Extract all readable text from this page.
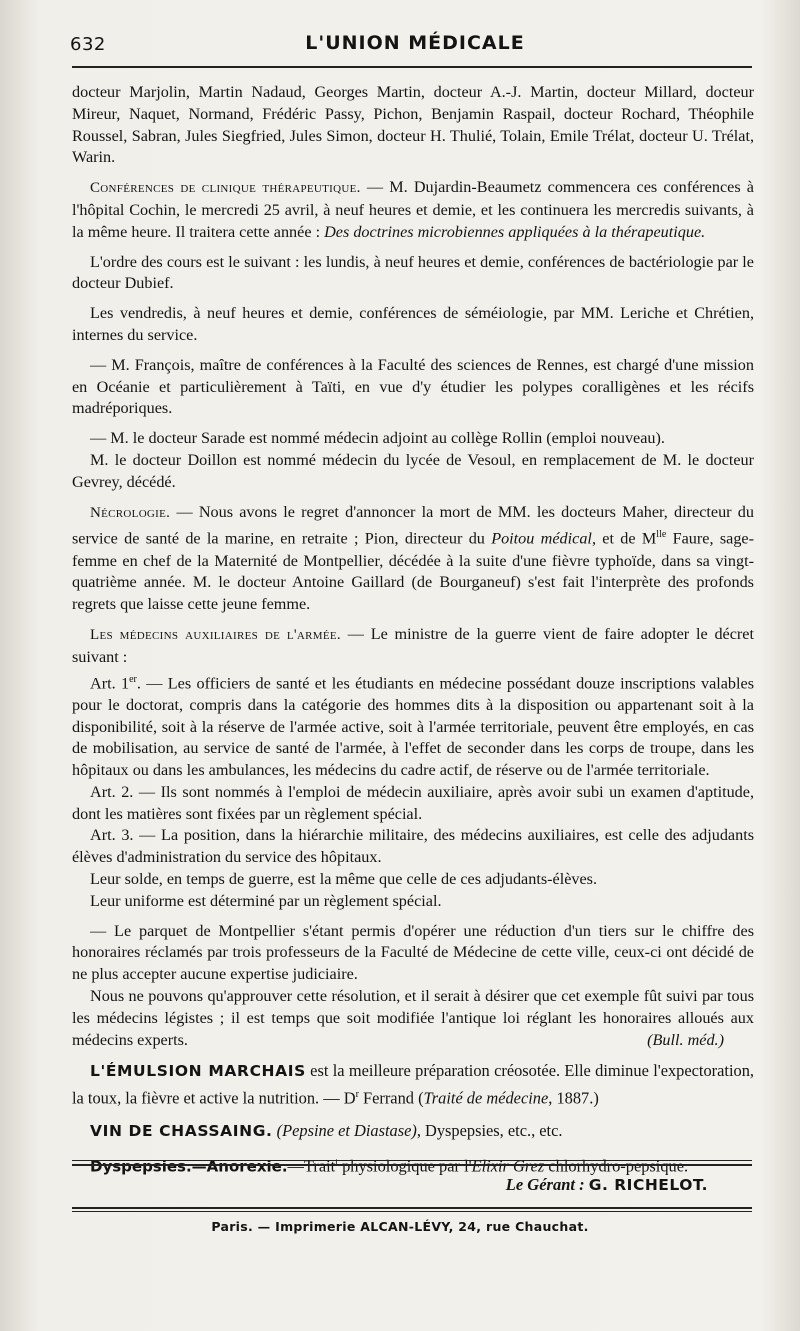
632	L'UNION MÉDICALE

docteur Marjolin, Martin Nadaud, Georges Martin, docteur A.-J. Martin, docteur Millard, docteur Mireur, Naquet, Normand, Frédéric Passy, Pichon, Benjamin Raspail, docteur Rochard, Théophile Roussel, Sabran, Jules Siegfried, Jules Simon, docteur H. Thulié, Tolain, Emile Trélat, docteur U. Trélat, Warin.

Conférences de clinique thérapeutique. — M. Dujardin-Beaumetz commencera ces conférences à l'hôpital Cochin, le mercredi 25 avril, à neuf heures et demie, et les continuera les mercredis suivants, à la même heure. Il traitera cette année : Des doctrines microbiennes appliquées à la thérapeutique.

L'ordre des cours est le suivant : les lundis, à neuf heures et demie, conférences de bactériologie par le docteur Dubief.

Les vendredis, à neuf heures et demie, conférences de séméiologie, par MM. Leriche et Chrétien, internes du service.

— M. François, maître de conférences à la Faculté des sciences de Rennes, est chargé d'une mission en Océanie et particulièrement à Taïti, en vue d'y étudier les polypes coralligènes et les récifs madréporiques.

— M. le docteur Sarade est nommé médecin adjoint au collège Rollin (emploi nouveau).

M. le docteur Doillon est nommé médecin du lycée de Vesoul, en remplacement de M. le docteur Gevrey, décédé.

Nécrologie. — Nous avons le regret d'annoncer la mort de MM. les docteurs Maher, directeur du service de santé de la marine, en retraite ; Pion, directeur du Poitou médical, et de $M^{lle}$ Faure, sage-femme en chef de la Maternité de Montpellier, décédée à la suite d'une fièvre typhoïde, dans sa vingt-quatrième année. M. le docteur Antoine Gaillard (de Bourganeuf) s'est fait l'interprète des profonds regrets que laisse cette jeune femme.

Les médecins auxiliaires de l'armée. — Le ministre de la guerre vient de faire adopter le décret suivant :

Art. 1er. — Les officiers de santé et les étudiants en médecine possédant douze inscriptions valables pour le doctorat, compris dans la catégorie des hommes dits à la disposition ou appartenant soit à la disponibilité, soit à la réserve de l'armée active, soit à l'armée territoriale, peuvent être employés, en cas de mobilisation, au service de santé de l'armée, à l'effet de seconder dans les corps de troupe, dans les hôpitaux ou dans les ambulances, les médecins du cadre actif, de réserve ou de l'armée territoriale.

Art. 2. — Ils sont nommés à l'emploi de médecin auxiliaire, après avoir subi un examen d'aptitude, dont les matières sont fixées par un règlement spécial.

Art. 3. — La position, dans la hiérarchie militaire, des médecins auxiliaires, est celle des adjudants élèves d'administration du service des hôpitaux.

Leur solde, en temps de guerre, est la même que celle de ces adjudants-élèves.

Leur uniforme est déterminé par un règlement spécial.

— Le parquet de Montpellier s'étant permis d'opérer une réduction d'un tiers sur le chiffre des honoraires réclamés par trois professeurs de la Faculté de Médecine de cette ville, ceux-ci ont décidé de ne plus accepter aucune expertise judiciaire.

Nous ne pouvons qu'approuver cette résolution, et il serait à désirer que cet exemple fût suivi par tous les médecins légistes ; il est temps que soit modifiée l'antique loi réglant les honoraires alloués aux médecins experts.	(Bull. méd.)

L'ÉMULSION MARCHAIS est la meilleure préparation créosotée. Elle diminue l'expectoration, la toux, la fièvre et active la nutrition. — $D^r$ Ferrand (Traité de médecine, 1887.)

VIN DE CHASSAING. (Pepsine et Diastase), Dyspepsies, etc., etc.

Dyspepsies.—Anorexie.—Trait$^t$ physiologique par l'Elixir Grez chlorhydro-pepsique.

Le Gérant : G. RICHELOT.
Paris. — Imprimerie ALCAN-LÉVY, 24, rue Chauchat.
